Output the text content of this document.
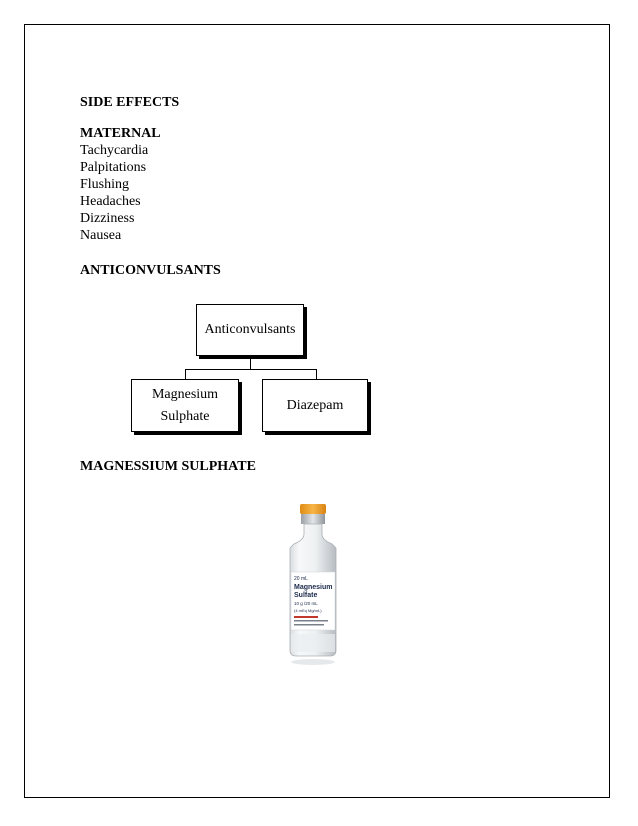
SIDE EFFECTS
MATERNAL
Tachycardia
Palpitations
Flushing
Headaches
Dizziness
Nausea
ANTICONVULSANTS
Anticonvulsants
Magnesium
Sulphate
Diazepam
MAGNESSIUM SULPHATE
20 mL
Magnesium
Sulfate
10 g /20 mL
(4 mEq Mg/mL)
